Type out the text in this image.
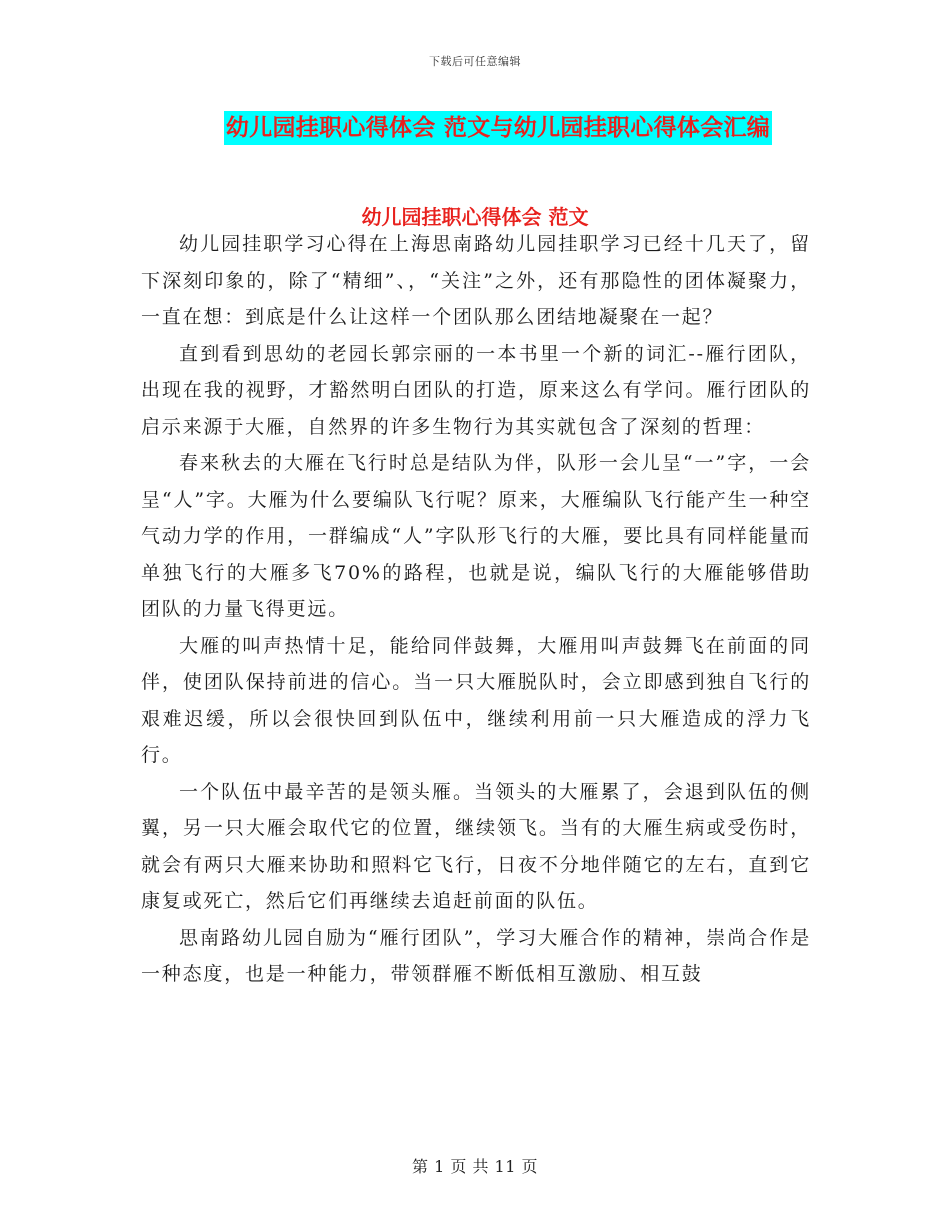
下载后可任意编辑
幼儿园挂职心得体会 范文与幼儿园挂职心得体会汇编
幼儿园挂职心得体会 范文

幼儿园挂职学习心得在上海思南路幼儿园挂职学习已经十几天了，留下深刻印象的，除了“精细”、，“关注”之外，还有那隐性的团体凝聚力，一直在想：到底是什么让这样一个团队那么团结地凝聚在一起？

直到看到思幼的老园长郭宗丽的一本书里一个新的词汇--雁行团队，出现在我的视野，才豁然明白团队的打造，原来这么有学问。雁行团队的启示来源于大雁，自然界的许多生物行为其实就包含了深刻的哲理：

春来秋去的大雁在飞行时总是结队为伴，队形一会儿呈“一”字，一会呈“人”字。大雁为什么要编队飞行呢？原来，大雁编队飞行能产生一种空气动力学的作用，一群编成“人”字队形飞行的大雁，要比具有同样能量而单独飞行的大雁多飞70%的路程，也就是说，编队飞行的大雁能够借助团队的力量飞得更远。

大雁的叫声热情十足，能给同伴鼓舞，大雁用叫声鼓舞飞在前面的同伴，使团队保持前进的信心。当一只大雁脱队时，会立即感到独自飞行的艰难迟缓，所以会很快回到队伍中，继续利用前一只大雁造成的浮力飞行。

一个队伍中最辛苦的是领头雁。当领头的大雁累了，会退到队伍的侧翼，另一只大雁会取代它的位置，继续领飞。当有的大雁生病或受伤时，就会有两只大雁来协助和照料它飞行，日夜不分地伴随它的左右，直到它康复或死亡，然后它们再继续去追赶前面的队伍。

思南路幼儿园自励为“雁行团队”，学习大雁合作的精神，崇尚合作是一种态度，也是一种能力，带领群雁不断低相互激励、相互鼓

第 1 页 共 11 页
